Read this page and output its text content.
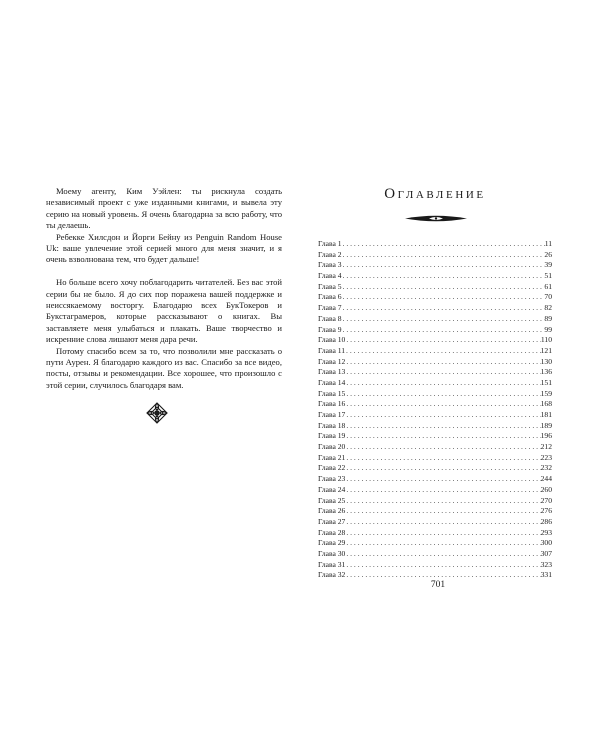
Моему агенту, Ким Уэйлен: ты рискнула создать независимый проект с уже изданными книгами, и вывела эту серию на новый уровень. Я очень благодарна за всю работу, что ты делаешь.

Ребекке Хилсдон и Йорги Бейну из Penguin Random House Uk: ваше увлечение этой серией много для меня значит, и я очень взволнована тем, что будет дальше!

Но больше всего хочу поблагодарить читателей. Без вас этой серии бы не было. Я до сих пор поражена вашей поддержке и неиссякаемому восторгу. Благодарю всех БукТокеров и Букстаграмеров, которые рассказывают о книгах. Вы заставляете меня улыбаться и плакать. Ваше творчество и искренние слова лишают меня дара речи.

Потому спасибо всем за то, что позволили мне рассказать о пути Аурен. Я благодарю каждого из вас. Спасибо за все видео, посты, отзывы и рекомендации. Все хорошее, что произошло с этой серии, случилось благодаря вам.

Оглавление
Глава 1 . . .	11
Глава 2 . . .	26
Глава 3 . . .	39
Глава 4 . . .	51
Глава 5 . . .	61
Глава 6 . . .	70
Глава 7 . . .	82
Глава 8 . . .	89
Глава 9 . . .	99
Глава 10 . . .	110
Глава 11 . . .	121
Глава 12 . . .	130
Глава 13 . . .	136
Глава 14 . . .	151
Глава 15 . . .	159
Глава 16 . . .	168
Глава 17 . . .	181
Глава 18 . . .	189
Глава 19 . . .	196
Глава 20 . . .	212
Глава 21 . . .	223
Глава 22 . . .	232
Глава 23 . . .	244
Глава 24 . . .	260
Глава 25 . . .	270
Глава 26 . . .	276
Глава 27 . . .	286
Глава 28 . . .	293
Глава 29 . . .	300
Глава 30 . . .	307
Глава 31 . . .	323
Глава 32 . . .	331
701
